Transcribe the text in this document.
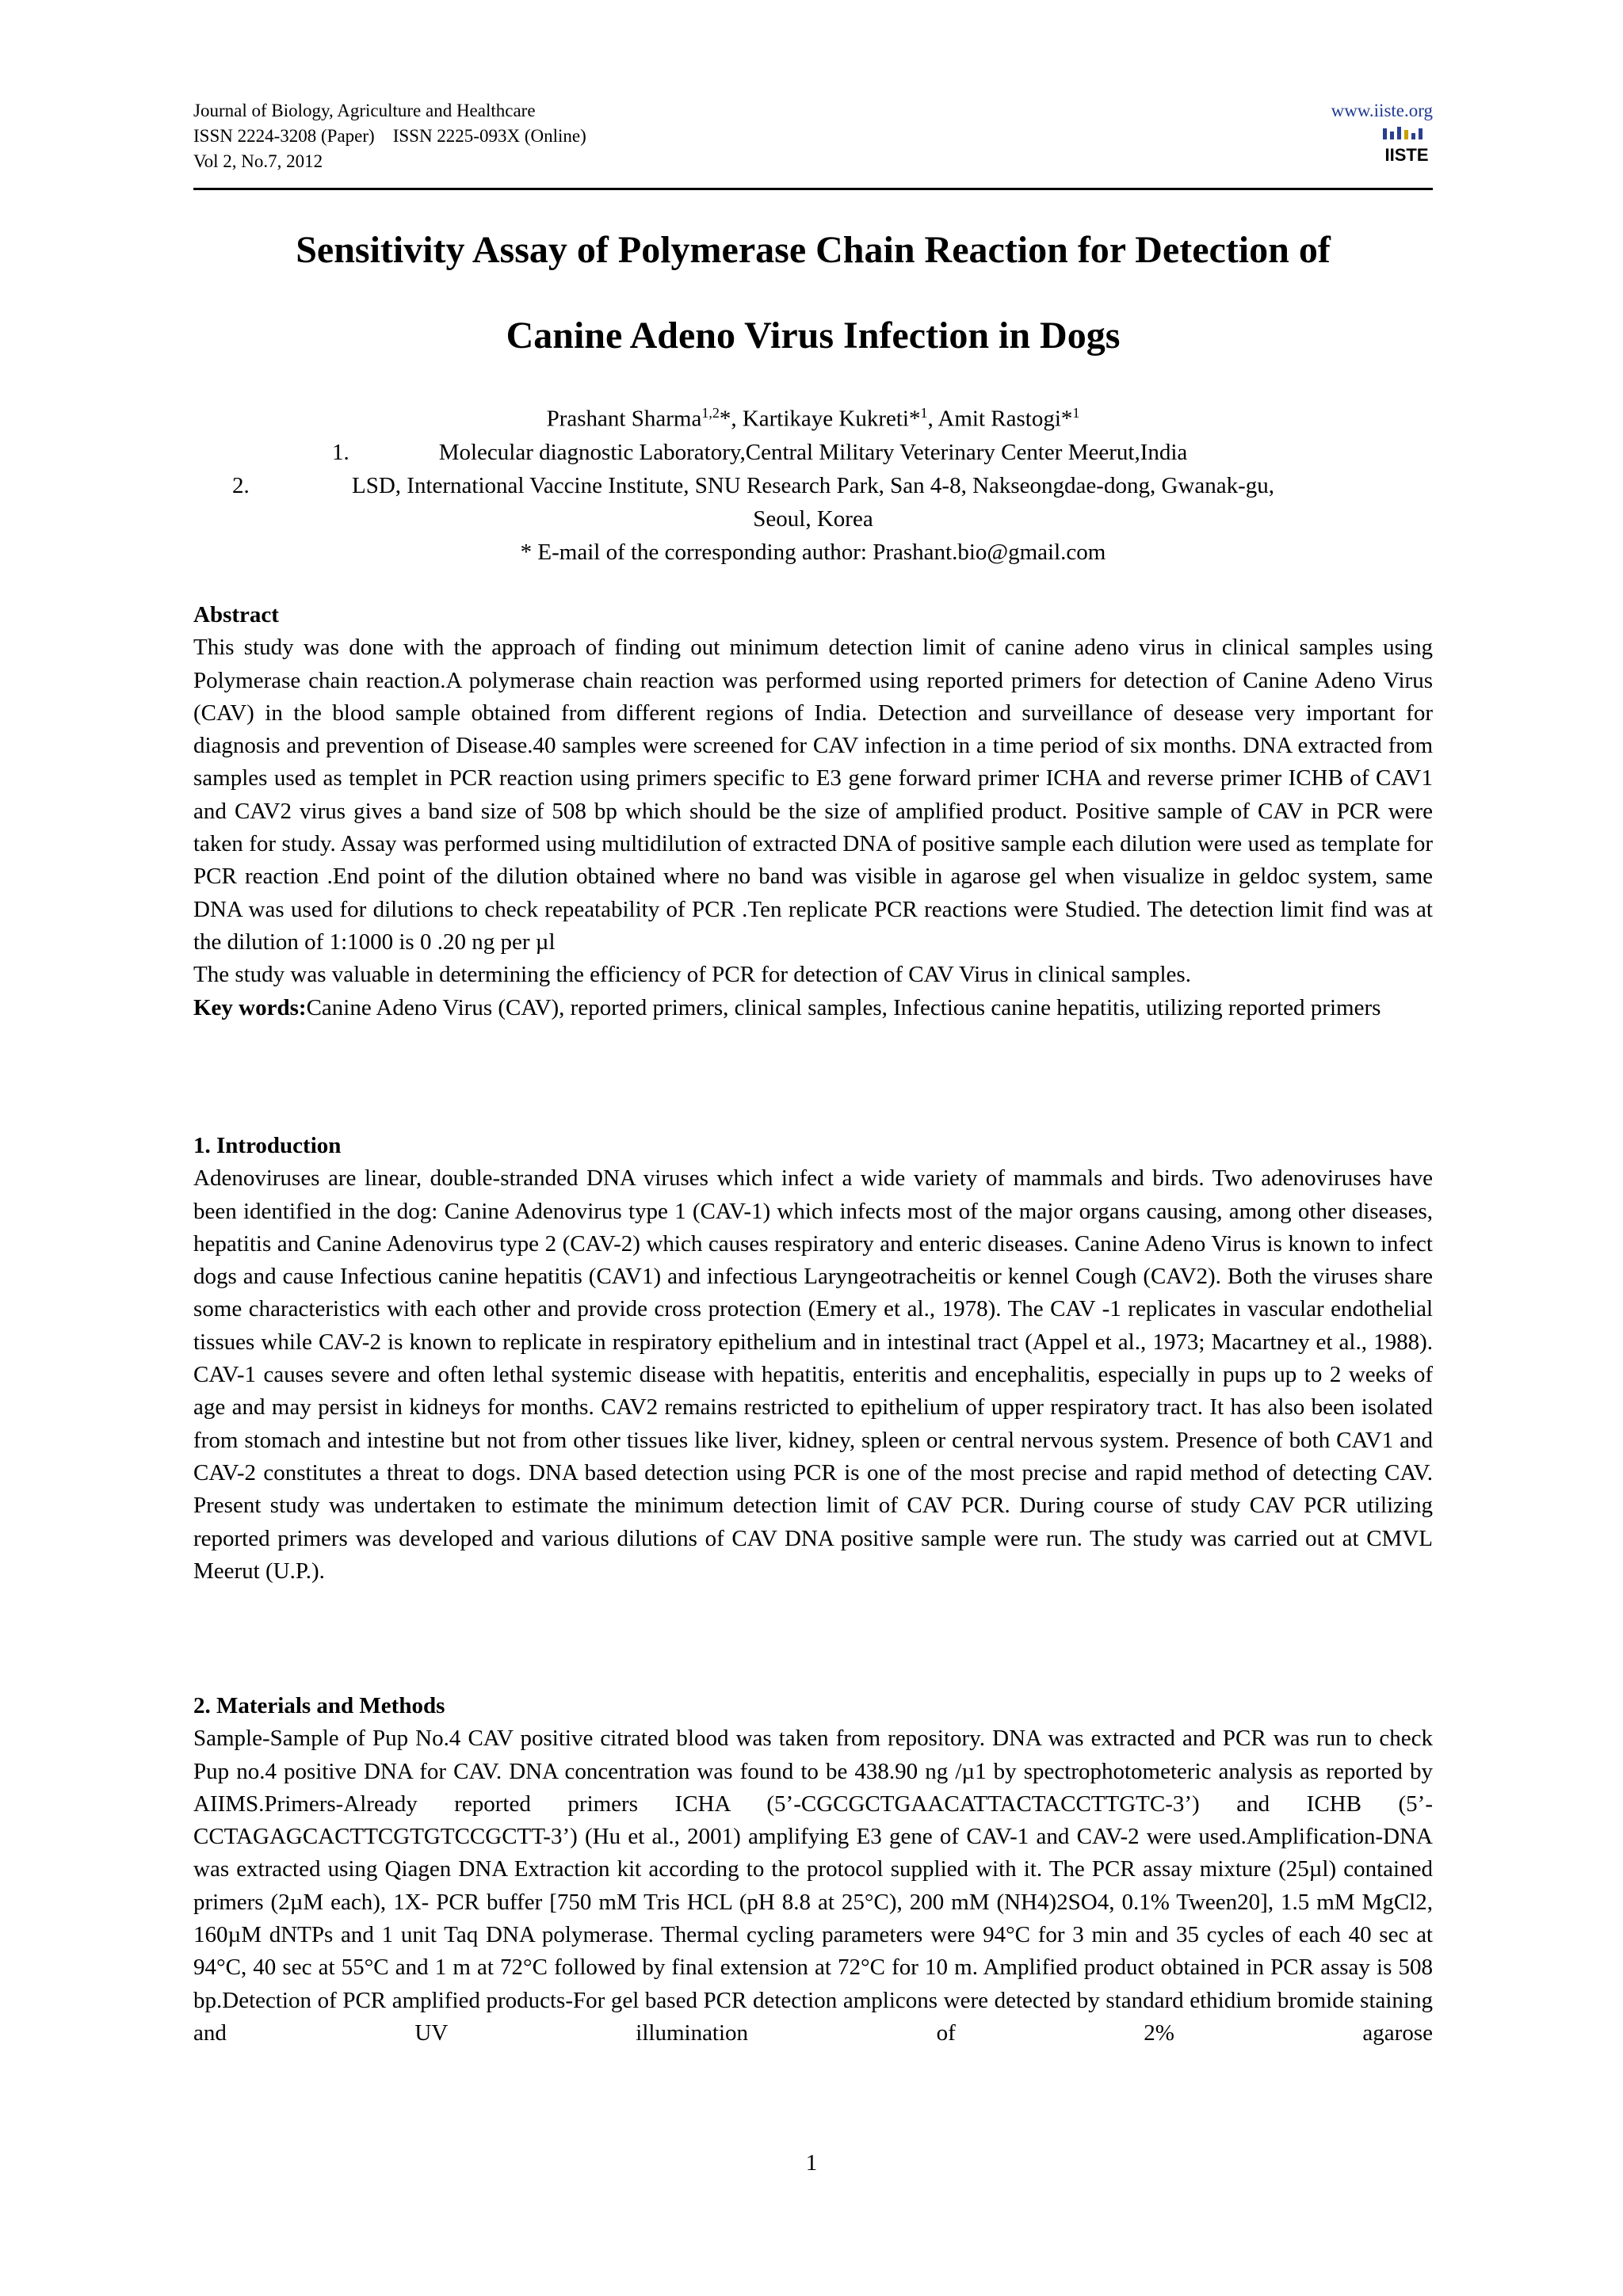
Journal of Biology, Agriculture and Healthcare
ISSN 2224-3208 (Paper)    ISSN 2225-093X (Online)
Vol 2, No.7, 2012
www.iiste.org
IISTE
Sensitivity Assay of Polymerase Chain Reaction for Detection of
Canine Adeno Virus Infection in Dogs
Prashant Sharma$^{1,2}$*, Kartikaye Kukreti*$^1$, Amit Rastogi*$^1$
1.	Molecular diagnostic Laboratory,Central Military Veterinary Center Meerut,India
2.	LSD, International Vaccine Institute, SNU Research Park, San 4-8, Nakseongdae-dong, Gwanak-gu,
Seoul, Korea
* E-mail of the corresponding author: Prashant.bio@gmail.com
Abstract
This study was done with the approach of finding out minimum detection limit of canine adeno virus in clinical samples using Polymerase chain reaction.A polymerase chain reaction was performed using reported primers for detection of Canine Adeno Virus (CAV) in the blood sample obtained from different regions of India. Detection and surveillance of desease very important for diagnosis and prevention of Disease.40 samples were screened for CAV infection in a time period of six months. DNA extracted from samples used as templet in PCR reaction using primers specific to E3 gene forward primer ICHA and reverse primer ICHB of CAV1 and CAV2 virus gives a band size of 508 bp which should be the size of amplified product. Positive sample of CAV in PCR were taken for study. Assay was performed using multidilution of extracted DNA of positive sample each dilution were used as template for PCR reaction .End point of the dilution obtained where no band was visible in agarose gel when visualize in geldoc system, same DNA was used for dilutions to check repeatability of PCR .Ten replicate PCR reactions were Studied. The detection limit find was at the dilution of 1:1000 is 0 .20 ng per µl
The study was valuable in determining the efficiency of PCR for detection of CAV Virus in clinical samples.
Key words:Canine Adeno Virus (CAV), reported primers, clinical samples, Infectious canine hepatitis, utilizing reported primers
1. Introduction
Adenoviruses are linear, double-stranded DNA viruses which infect a wide variety of mammals and birds. Two adenoviruses have been identified in the dog: Canine Adenovirus type 1 (CAV-1) which infects most of the major organs causing, among other diseases, hepatitis and Canine Adenovirus type 2 (CAV-2) which causes respiratory and enteric diseases. Canine Adeno Virus is known to infect dogs and cause Infectious canine hepatitis (CAV1) and infectious Laryngeotracheitis or kennel Cough (CAV2). Both the viruses share some characteristics with each other and provide cross protection (Emery et al., 1978). The CAV -1 replicates in vascular endothelial tissues while CAV-2 is known to replicate in respiratory epithelium and in intestinal tract (Appel et al., 1973; Macartney et al., 1988). CAV-1 causes severe and often lethal systemic disease with hepatitis, enteritis and encephalitis, especially in pups up to 2 weeks of age and may persist in kidneys for months. CAV2 remains restricted to epithelium of upper respiratory tract. It has also been isolated from stomach and intestine but not from other tissues like liver, kidney, spleen or central nervous system. Presence of both CAV1 and CAV-2 constitutes a threat to dogs. DNA based detection using PCR is one of the most precise and rapid method of detecting CAV. Present study was undertaken to estimate the minimum detection limit of CAV PCR. During course of study CAV PCR utilizing reported primers was developed and various dilutions of CAV DNA positive sample were run. The study was carried out at CMVL Meerut (U.P.).
2. Materials and Methods
Sample-Sample of Pup No.4 CAV positive citrated blood was taken from repository. DNA was extracted and PCR was run to check Pup no.4 positive DNA for CAV. DNA concentration was found to be 438.90 ng /µ1 by spectrophotometeric analysis as reported by AIIMS.Primers-Already reported primers ICHA (5’-CGCGCTGAACATTACTACCTTGTC-3’) and ICHB (5’-CCTAGAGCACTTCGTGTCCGCTT-3’) (Hu et al., 2001) amplifying E3 gene of CAV-1 and CAV-2 were used.Amplification-DNA was extracted using Qiagen DNA Extraction kit according to the protocol supplied with it. The PCR assay mixture (25µl) contained primers (2µM each), 1X- PCR buffer [750 mM Tris HCL (pH 8.8 at 25°C), 200 mM (NH4)2SO4, 0.1% Tween20], 1.5 mM MgCl2, 160µM dNTPs and 1 unit Taq DNA polymerase. Thermal cycling parameters were 94°C for 3 min and 35 cycles of each 40 sec at 94°C, 40 sec at 55°C and 1 m at 72°C followed by final extension at 72°C for 10 m. Amplified product obtained in PCR assay is 508 bp.Detection of PCR amplified products-For gel based PCR detection amplicons were detected by standard ethidium bromide staining and UV illumination of 2% agarose
1
